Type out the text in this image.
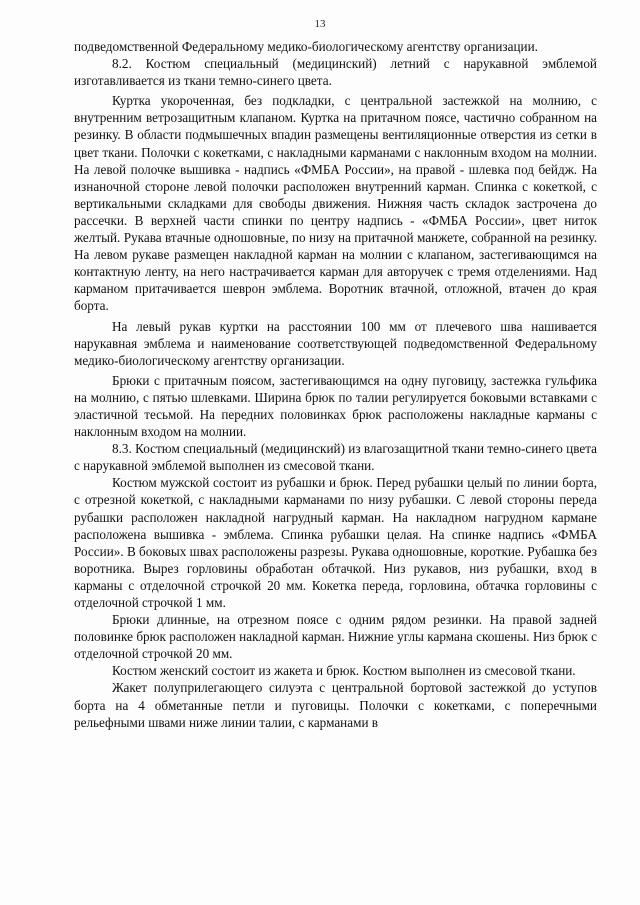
13

подведомственной Федеральному медико-биологическому агентству организации.

8.2. Костюм специальный (медицинский) летний с нарукавной эмблемой изготавливается из ткани темно-синего цвета.

Куртка укороченная, без подкладки, с центральной застежкой на молнию, с внутренним ветрозащитным клапаном. Куртка на притачном поясе, частично собранном на резинку. В области подмышечных впадин размещены вентиляционные отверстия из сетки в цвет ткани. Полочки с кокетками, с накладными карманами с наклонным входом на молнии. На левой полочке вышивка - надпись «ФМБА России», на правой - шлевка под бейдж. На изнаночной стороне левой полочки расположен внутренний карман. Спинка с кокеткой, с вертикальными складками для свободы движения. Нижняя часть складок застрочена до рассечки. В верхней части спинки по центру надпись - «ФМБА России», цвет ниток желтый. Рукава втачные одношовные, по низу на притачной манжете, собранной на резинку. На левом рукаве размещен накладной карман на молнии с клапаном, застегивающимся на контактную ленту, на него настрачивается карман для авторучек с тремя отделениями. Над карманом притачивается шеврон эмблема. Воротник втачной, отложной, втачен до края борта.

На левый рукав куртки на расстоянии 100 мм от плечевого шва нашивается нарукавная эмблема и наименование соответствующей подведомственной Федеральному медико-биологическому агентству организации.

Брюки с притачным поясом, застегивающимся на одну пуговицу, застежка гульфика на молнию, с пятью шлевками. Ширина брюк по талии регулируется боковыми вставками с эластичной тесьмой. На передних половинках брюк расположены накладные карманы с наклонным входом на молнии.

8.3. Костюм специальный (медицинский) из влагозащитной ткани темно-синего цвета с нарукавной эмблемой выполнен из смесовой ткани.

Костюм мужской состоит из рубашки и брюк. Перед рубашки целый по линии борта, с отрезной кокеткой, с накладными карманами по низу рубашки. С левой стороны переда рубашки расположен накладной нагрудный карман. На накладном нагрудном кармане расположена вышивка - эмблема. Спинка рубашки целая. На спинке надпись «ФМБА России». В боковых швах расположены разрезы. Рукава одношовные, короткие. Рубашка без воротника. Вырез горловины обработан обтачкой. Низ рукавов, низ рубашки, вход в карманы с отделочной строчкой 20 мм. Кокетка переда, горловина, обтачка горловины с отделочной строчкой 1 мм.

Брюки длинные, на отрезном поясе с одним рядом резинки. На правой задней половинке брюк расположен накладной карман. Нижние углы кармана скошены. Низ брюк с отделочной строчкой 20 мм.

Костюм женский состоит из жакета и брюк. Костюм выполнен из смесовой ткани.

Жакет полуприлегающего силуэта с центральной бортовой застежкой до уступов борта на 4 обметанные петли и пуговицы. Полочки с кокетками, с поперечными рельефными швами ниже линии талии, с карманами в
